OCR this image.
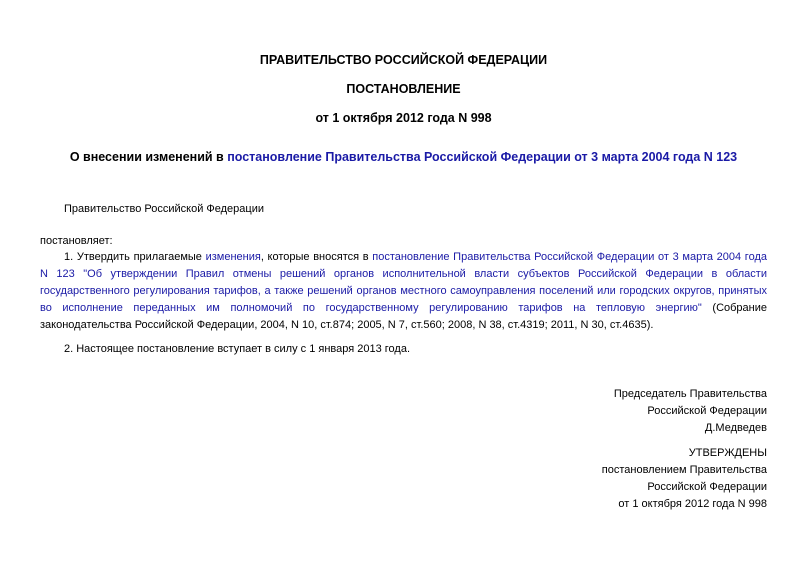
ПРАВИТЕЛЬСТВО РОССИЙСКОЙ ФЕДЕРАЦИИ
ПОСТАНОВЛЕНИЕ
от 1 октября 2012 года N 998
О внесении изменений в постановление Правительства Российской Федерации от 3 марта 2004 года N 123
Правительство Российской Федерации
постановляет:
1. Утвердить прилагаемые изменения, которые вносятся в постановление Правительства Российской Федерации от 3 марта 2004 года N 123 "Об утверждении Правил отмены решений органов исполнительной власти субъектов Российской Федерации в области государственного регулирования тарифов, а также решений органов местного самоуправления поселений или городских округов, принятых во исполнение переданных им полномочий по государственному регулированию тарифов на тепловую энергию" (Собрание законодательства Российской Федерации, 2004, N 10, ст.874; 2005, N 7, ст.560; 2008, N 38, ст.4319; 2011, N 30, ст.4635).
2. Настоящее постановление вступает в силу с 1 января 2013 года.
Председатель Правительства
Российской Федерации
Д.Медведев
УТВЕРЖДЕНЫ
постановлением Правительства
Российской Федерации
от 1 октября 2012 года N 998
